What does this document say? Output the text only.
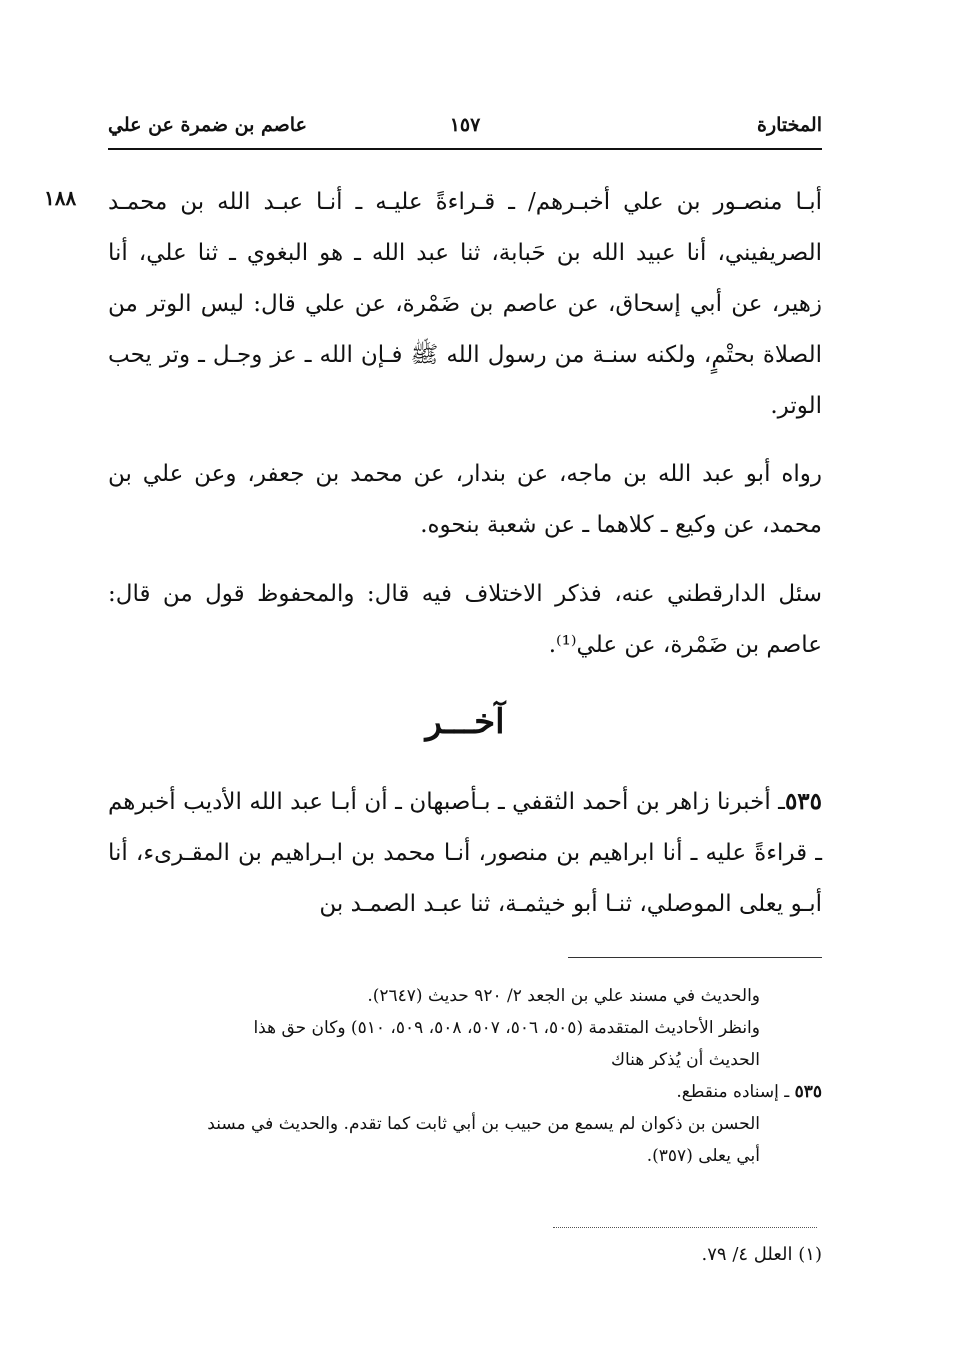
المختارة
١٥٧
عاصم بن ضمرة عن علي
١٨٨ أبـا منصـور بن علي أخبـرهم/ ـ قـراءةً عليـه ـ أنـا عبـد الله بن محمـد الصريفيني، أنا عبيد الله بن حَبابة، ثنا عبد الله ـ هو البغوي ـ ثنا علي، أنا زهير، عن أبي إسحاق، عن عاصم بن ضَمْرة، عن علي قال: ليس الوتر من الصلاة بحتْمٍ، ولكنه سنـة من رسول الله ﷺ فـإن الله ـ عز وجـل ـ وتر يحب الوتر.

رواه أبو عبد الله بن ماجه، عن بندار، عن محمد بن جعفر، وعن علي بن محمد، عن وكيع ـ كلاهما ـ عن شعبة بنحوه.

سئل الدارقطني عنه، فذكر الاختلاف فيه قال: والمحفوظ قول من قال: عاصم بن ضَمْرة، عن علي⁽¹⁾.

آخـــر

٥٣٥ـ أخبرنا زاهر بن أحمد الثقفي ـ بـأصبهان ـ أن أبـا عبد الله الأديب أخبرهم ـ قراءةً عليه ـ أنا ابراهيم بن منصور، أنـا محمد بن ابـراهيم بن المقـرىء، أنا أبـو يعلى الموصلي، ثنـا أبو خيثمـة، ثنا عبـد الصمـد بن

والحديث في مسند علي بن الجعد ٢/ ٩٢٠ حديث (٢٦٤٧).
وانظر الأحاديث المتقدمة (٥٠٥، ٥٠٦، ٥٠٧، ٥٠٨، ٥٠٩، ٥١٠) وكان حق هذا
الحديث أن يُذكر هناك
٥٣٥ ـ إسناده منقطع.
الحسن بن ذكوان لم يسمع من حبيب بن أبي ثابت كما تقدم. والحديث في مسند
أبي يعلى (٣٥٧).
(١) العلل ٤/ ٧٩.
